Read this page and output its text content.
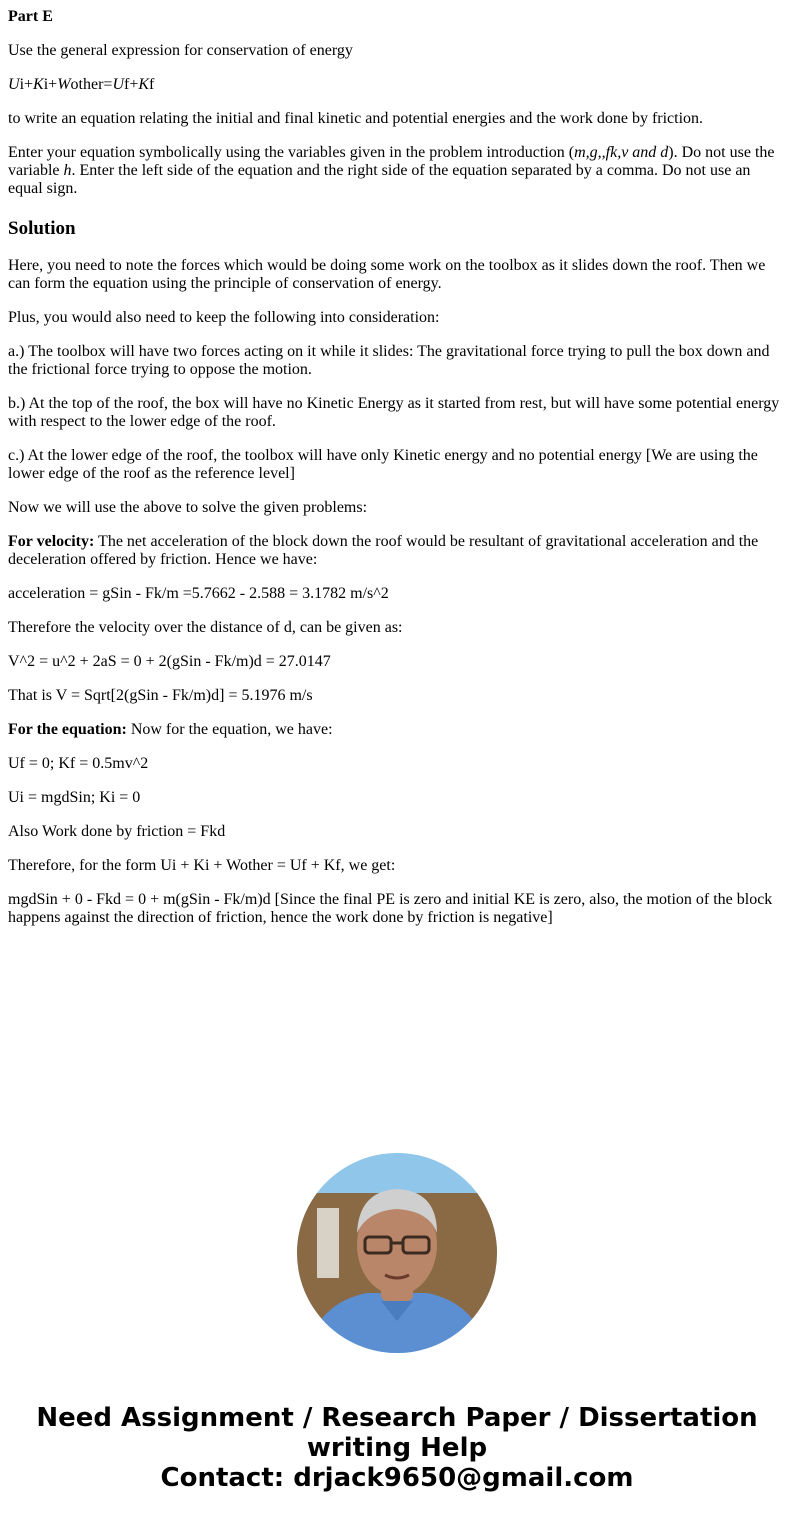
Part E

Use the general expression for conservation of energy

Ui+Ki+Wother=Uf+Kf

to write an equation relating the initial and final kinetic and potential energies and the work done by friction.

Enter your equation symbolically using the variables given in the problem introduction (m,g,,fk,v and d). Do not use the variable h. Enter the left side of the equation and the right side of the equation separated by a comma. Do not use an equal sign.

Solution

Here, you need to note the forces which would be doing some work on the toolbox as it slides down the roof. Then we can form the equation using the principle of conservation of energy.

Plus, you would also need to keep the following into consideration:

a.) The toolbox will have two forces acting on it while it slides: The gravitational force trying to pull the box down and the frictional force trying to oppose the motion.

b.) At the top of the roof, the box will have no Kinetic Energy as it started from rest, but will have some potential energy with respect to the lower edge of the roof.

c.) At the lower edge of the roof, the toolbox will have only Kinetic energy and no potential energy [We are using the lower edge of the roof as the reference level]

Now we will use the above to solve the given problems:

For velocity: The net acceleration of the block down the roof would be resultant of gravitational acceleration and the deceleration offered by friction. Hence we have:

acceleration = gSin - Fk/m =5.7662 - 2.588 = 3.1782 m/s^2

Therefore the velocity over the distance of d, can be given as:

V^2 = u^2 + 2aS = 0 + 2(gSin - Fk/m)d = 27.0147

That is V = Sqrt[2(gSin - Fk/m)d] = 5.1976 m/s

For the equation: Now for the equation, we have:

Uf = 0; Kf = 0.5mv^2

Ui = mgdSin; Ki = 0

Also Work done by friction = Fkd

Therefore, for the form Ui + Ki + Wother = Uf + Kf, we get:

mgdSin + 0 - Fkd = 0 + m(gSin - Fk/m)d [Since the final PE is zero and initial KE is zero, also, the motion of the block happens against the direction of friction, hence the work done by friction is negative]

Need Assignment / Research Paper / Dissertation
writing Help
Contact: drjack9650@gmail.com
